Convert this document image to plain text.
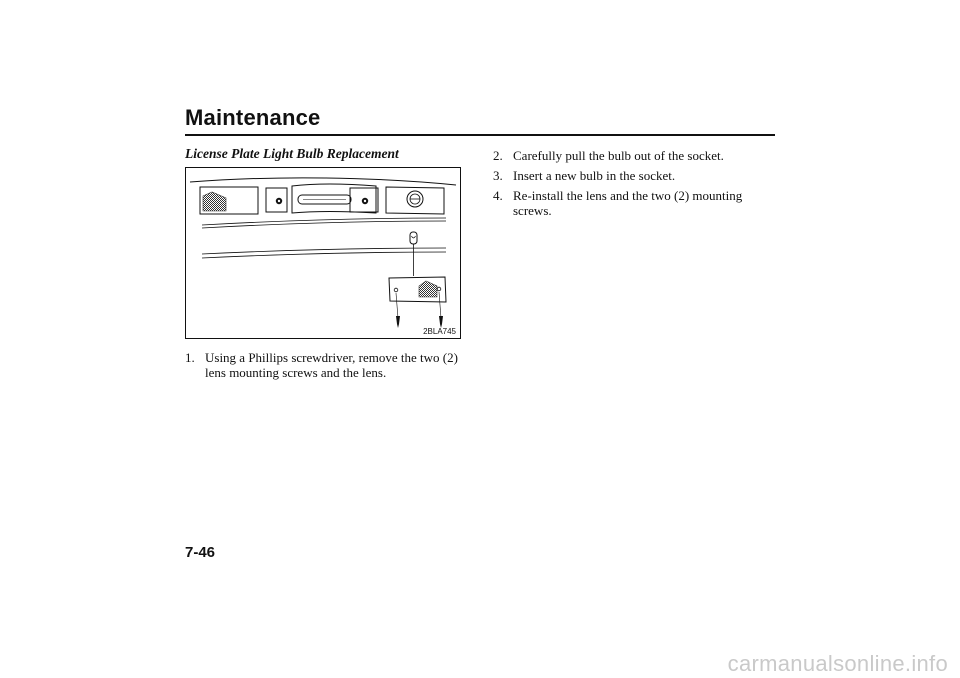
Maintenance
License Plate Light Bulb Replacement
2BLA745
1. Using a Phillips screwdriver, remove the two (2) lens mounting screws and the lens.
2. Carefully pull the bulb out of the socket.
3. Insert a new bulb in the socket.
4. Re-install the lens and the two (2) mounting screws.
7-46
carmanualsonline.info
